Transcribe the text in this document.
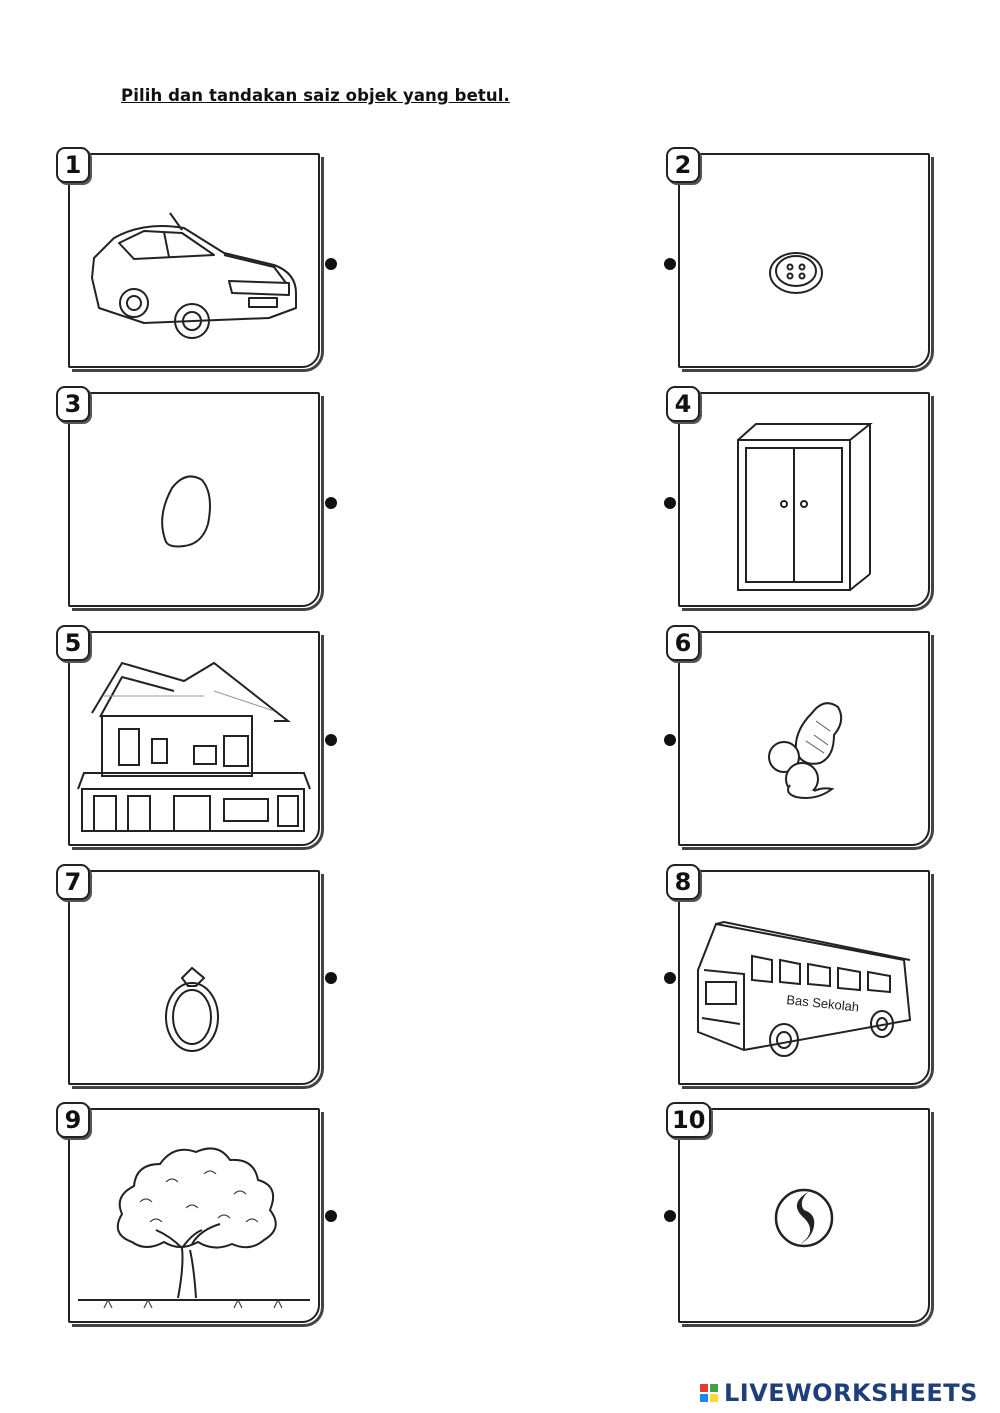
Pilih dan tandakan saiz objek yang betul.
1	2
3	4
5	6
7	8
Bas Sekolah
9	10
LIVEWORKSHEETS
